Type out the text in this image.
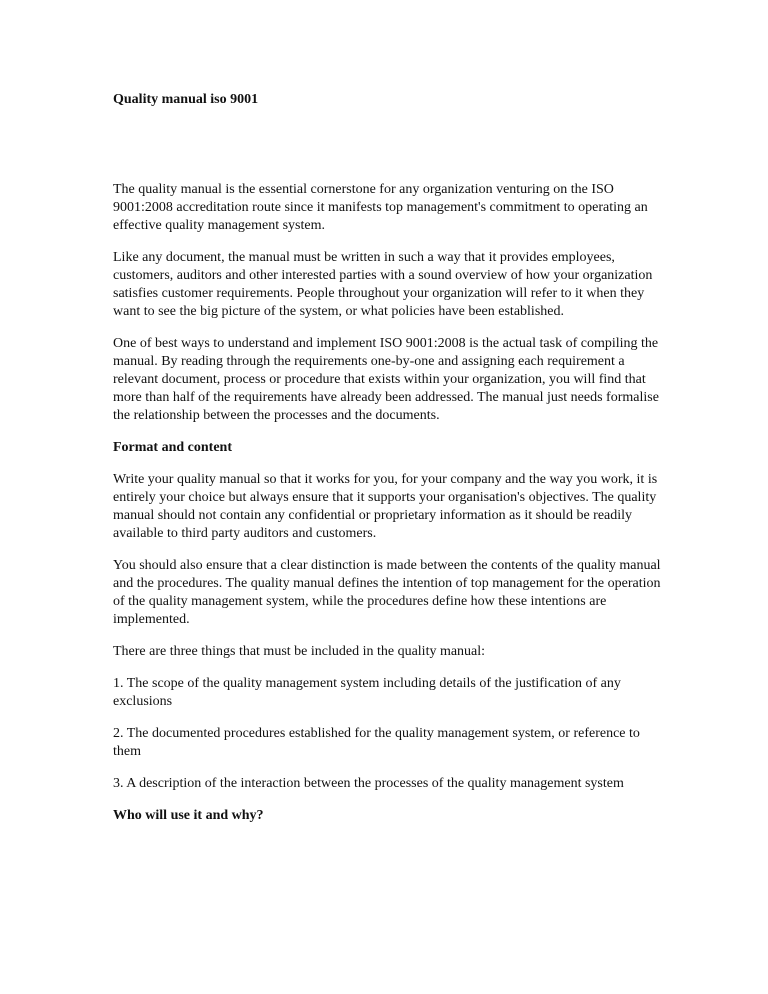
Quality manual iso 9001

The quality manual is the essential cornerstone for any organization venturing on the ISO 9001:2008 accreditation route since it manifests top management's commitment to operating an effective quality management system.

Like any document, the manual must be written in such a way that it provides employees, customers, auditors and other interested parties with a sound overview of how your organization satisfies customer requirements. People throughout your organization will refer to it when they want to see the big picture of the system, or what policies have been established.

One of best ways to understand and implement ISO 9001:2008 is the actual task of compiling the manual. By reading through the requirements one-by-one and assigning each requirement a relevant document, process or procedure that exists within your organization, you will find that more than half of the requirements have already been addressed. The manual just needs formalise the relationship between the processes and the documents.

Format and content

Write your quality manual so that it works for you, for your company and the way you work, it is entirely your choice but always ensure that it supports your organisation's objectives. The quality manual should not contain any confidential or proprietary information as it should be readily available to third party auditors and customers.

You should also ensure that a clear distinction is made between the contents of the quality manual and the procedures. The quality manual defines the intention of top management for the operation of the quality management system, while the procedures define how these intentions are implemented.

There are three things that must be included in the quality manual:

1. The scope of the quality management system including details of the justification of any exclusions

2. The documented procedures established for the quality management system, or reference to them

3. A description of the interaction between the processes of the quality management system

Who will use it and why?
